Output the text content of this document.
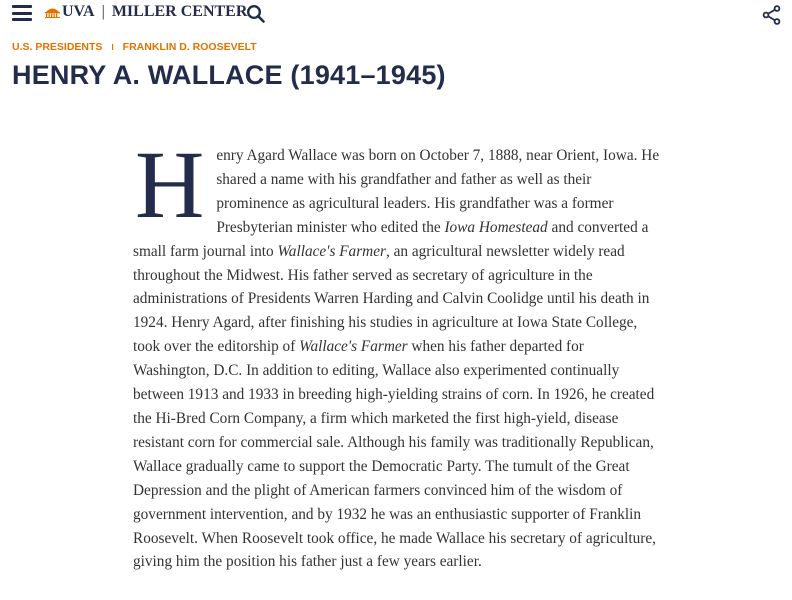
UVA | MILLER CENTER
U.S. PRESIDENTS I FRANKLIN D. ROOSEVELT
HENRY A. WALLACE (1941–1945)
Henry Agard Wallace was born on October 7, 1888, near Orient, Iowa. He shared a name with his grandfather and father as well as their prominence as agricultural leaders. His grandfather was a former Presbyterian minister who edited the Iowa Homestead and converted a small farm journal into Wallace's Farmer, an agricultural newsletter widely read throughout the Midwest. His father served as secretary of agriculture in the administrations of Presidents Warren Harding and Calvin Coolidge until his death in 1924. Henry Agard, after finishing his studies in agriculture at Iowa State College, took over the editorship of Wallace's Farmer when his father departed for Washington, D.C. In addition to editing, Wallace also experimented continually between 1913 and 1933 in breeding high-yielding strains of corn. In 1926, he created the Hi-Bred Corn Company, a firm which marketed the first high-yield, disease resistant corn for commercial sale. Although his family was traditionally Republican, Wallace gradually came to support the Democratic Party. The tumult of the Great Depression and the plight of American farmers convinced him of the wisdom of government intervention, and by 1932 he was an enthusiastic supporter of Franklin Roosevelt. When Roosevelt took office, he made Wallace his secretary of agriculture, giving him the position his father just a few years earlier.
